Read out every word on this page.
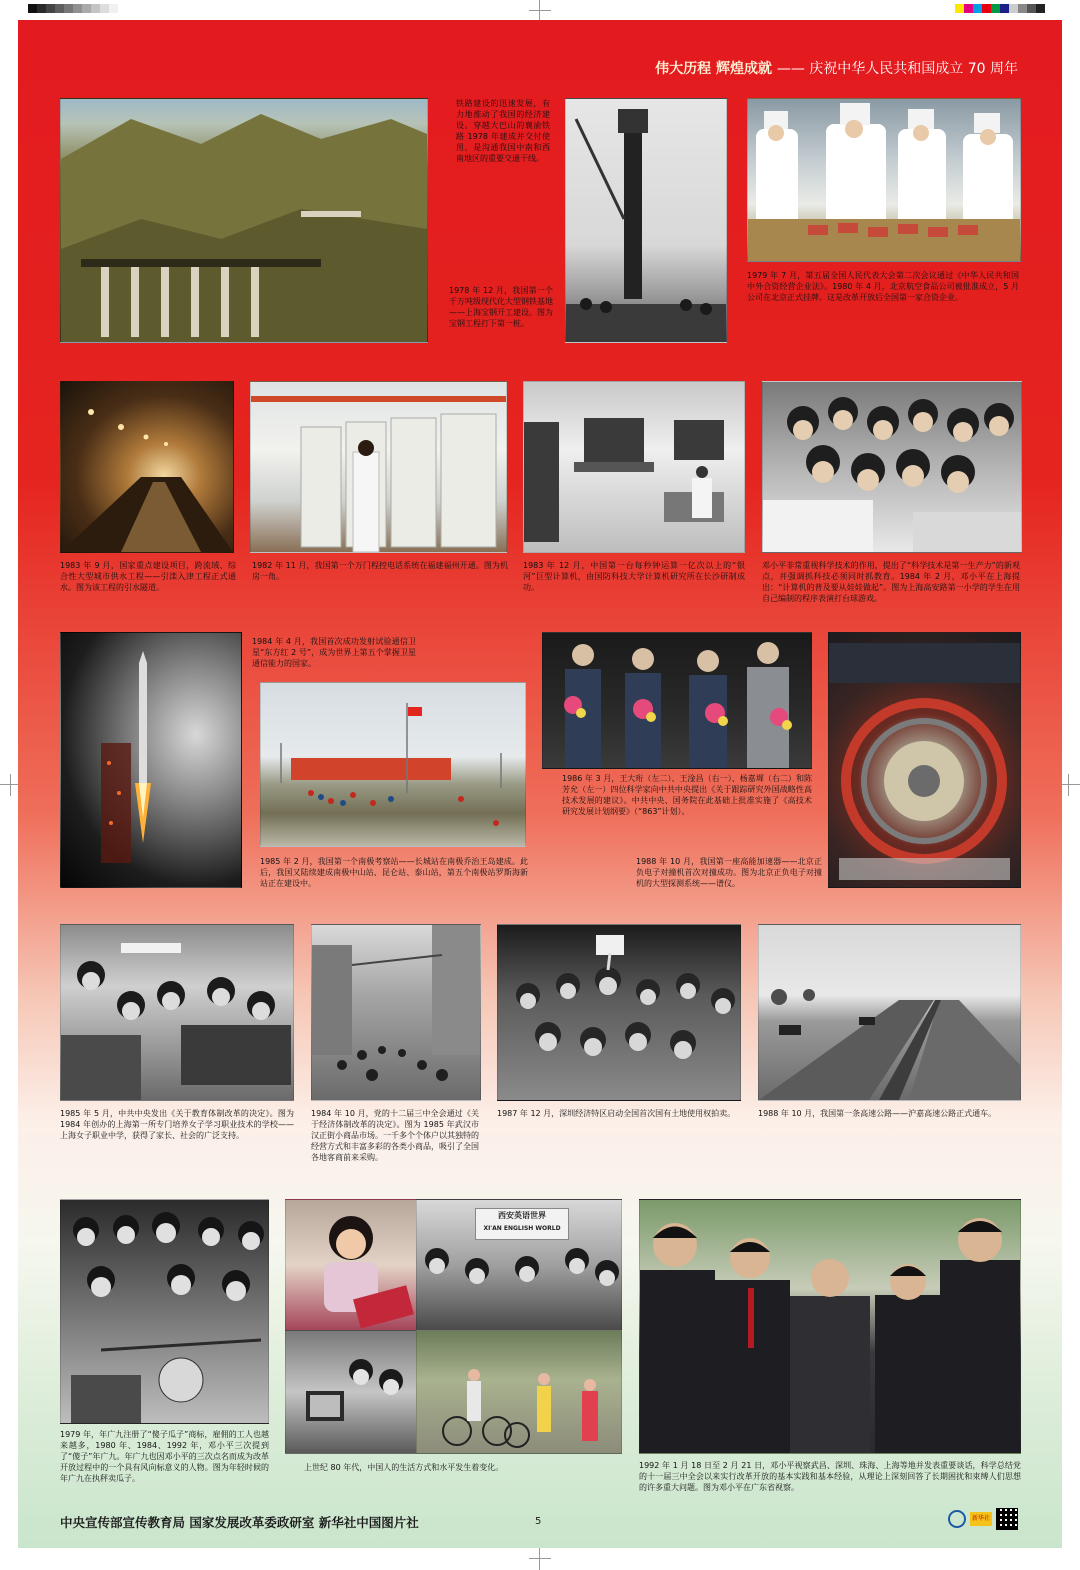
伟大历程 辉煌成就 —— 庆祝中华人民共和国成立 70 周年
铁路建设的迅速发展，有力地推动了我国的经济建设。穿越大巴山的襄渝铁路 1978 年建成并交付使用，是沟通我国中南和西南地区的重要交通干线。
1978 年 12 月，我国第一个千万吨级现代化大型钢铁基地——上海宝钢开工建设。图为宝钢工程打下第一桩。
1979 年 7 月，第五届全国人民代表大会第二次会议通过《中华人民共和国中外合资经营企业法》。1980 年 4 月，北京航空食品公司被批准成立，5 月公司在北京正式挂牌。这是改革开放后全国第一家合资企业。
1983 年 9 月，国家重点建设项目，跨流域、综合性大型城市供水工程——引滦入津工程正式通水。图为该工程的引水隧道。
1982 年 11 月，我国第一个万门程控电话系统在福建福州开通。图为机房一角。
1983 年 12 月，中国第一台每秒钟运算一亿次以上的“银河”巨型计算机，由国防科技大学计算机研究所在长沙研制成功。
邓小平非常重视科学技术的作用，提出了“科学技术是第一生产力”的新观点，并强调抓科技必须同时抓教育。1984 年 2 月，邓小平在上海提出：“计算机的普及要从娃娃做起”。图为上海高安路第一小学的学生在用自己编制的程序表演打台球游戏。
1984 年 4 月，我国首次成功发射试验通信卫星“东方红 2 号”，成为世界上第五个掌握卫星通信能力的国家。
1985 年 2 月，我国第一个南极考察站——长城站在南极乔治王岛建成。此后，我国又陆续建成南极中山站、昆仑站、泰山站，第五个南极站罗斯海新站正在建设中。
1986 年 3 月，王大珩（左二）、王淦昌（右一）、杨嘉墀（右二）和陈芳允（左一）四位科学家向中共中央提出《关于跟踪研究外国战略性高技术发展的建议》。中共中央、国务院在此基础上批准实施了《高技术研究发展计划纲要》（“863”计划）。
1988 年 10 月，我国第一座高能加速器——北京正负电子对撞机首次对撞成功。图为北京正负电子对撞机的大型探测系统——谱仪。
1985 年 5 月，中共中央发出《关于教育体制改革的决定》。图为 1984 年创办的上海第一所专门培养女子学习职业技术的学校——上海女子职业中学，获得了家长、社会的广泛支持。
1984 年 10 月，党的十二届三中全会通过《关于经济体制改革的决定》。图为 1985 年武汉市汉正街小商品市场。一千多个个体户以其独特的经营方式和丰富多彩的各类小商品，吸引了全国各地客商前来采购。
1987 年 12 月，深圳经济特区启动全国首次国有土地使用权拍卖。	1988 年 10 月，我国第一条高速公路——沪嘉高速公路正式通车。
1979 年，年广九注册了“傻子瓜子”商标，雇佣的工人也越来越多，1980 年、1984、1992 年，邓小平三次提到了“傻子”年广九。年广九也因邓小平的三次点名而成为改革开放过程中的一个具有风向标意义的人物。图为年轻时候的年广九在执秤卖瓜子。
西安英语世界
XI'AN ENGLISH WORLD
上世纪 80 年代，中国人的生活方式和水平发生着变化。	1992 年 1 月 18 日至 2 月 21 日，邓小平视察武昌、深圳、珠海、上海等地并发表重要谈话，科学总结党的十一届三中全会以来实行改革开放的基本实践和基本经验，从理论上深刻回答了长期困扰和束缚人们思想的许多重大问题。图为邓小平在广东省视察。
中央宣传部宣传教育局 国家发展改革委政研室 新华社中国图片社	5	新华社
